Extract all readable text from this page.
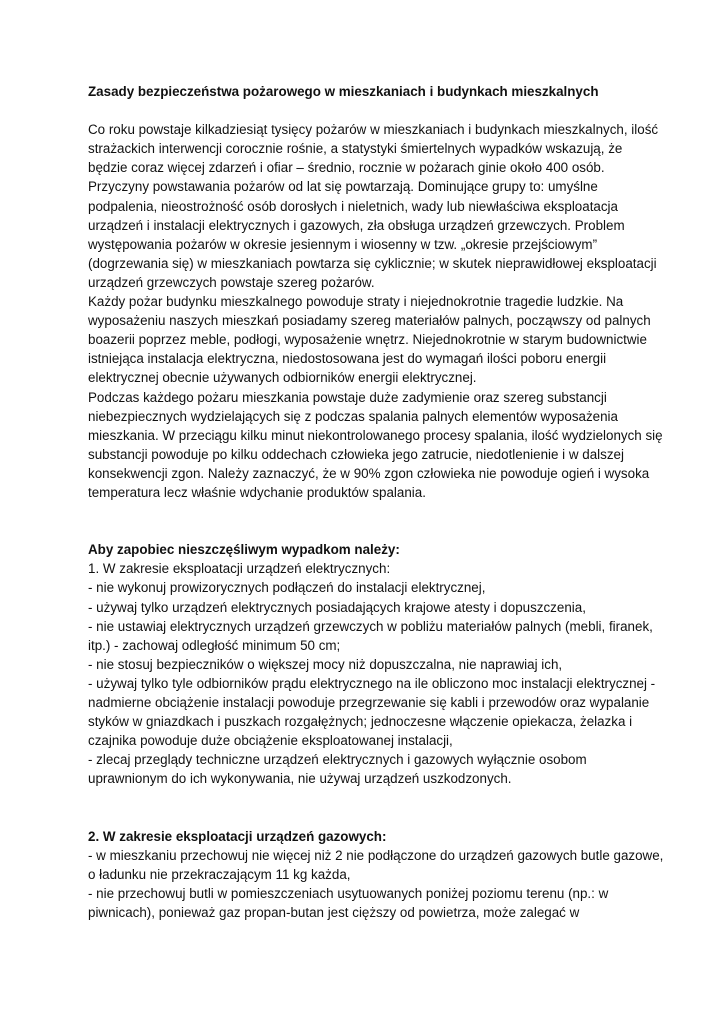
Zasady bezpieczeństwa pożarowego w mieszkaniach i budynkach mieszkalnych
Co roku powstaje kilkadziesiąt tysięcy pożarów w mieszkaniach i budynkach mieszkalnych, ilość
strażackich interwencji corocznie rośnie, a statystyki śmiertelnych wypadków wskazują, że
będzie coraz więcej zdarzeń i ofiar – średnio, rocznie w pożarach ginie około 400 osób.
Przyczyny powstawania pożarów od lat się powtarzają. Dominujące grupy to: umyślne
podpalenia, nieostrożność osób dorosłych i nieletnich, wady lub niewłaściwa eksploatacja
urządzeń i instalacji elektrycznych i gazowych, zła obsługa urządzeń grzewczych. Problem
występowania pożarów w okresie jesiennym i wiosenny w tzw. „okresie przejściowym”
(dogrzewania się) w mieszkaniach powtarza się cyklicznie; w skutek nieprawidłowej eksploatacji
urządzeń grzewczych powstaje szereg pożarów.
Każdy pożar budynku mieszkalnego powoduje straty i niejednokrotnie tragedie ludzkie. Na
wyposażeniu naszych mieszkań posiadamy szereg materiałów palnych, począwszy od palnych
boazerii poprzez meble, podłogi, wyposażenie wnętrz. Niejednokrotnie w starym budownictwie
istniejąca instalacja elektryczna, niedostosowana jest do wymagań ilości poboru energii
elektrycznej obecnie używanych odbiorników energii elektrycznej.
Podczas każdego pożaru mieszkania powstaje duże zadymienie oraz szereg substancji
niebezpiecznych wydzielających się z podczas spalania palnych elementów wyposażenia
mieszkania. W przeciągu kilku minut niekontrolowanego procesy spalania, ilość wydzielonych się
substancji powoduje po kilku oddechach człowieka jego zatrucie, niedotlenienie i w dalszej
konsekwencji zgon. Należy zaznaczyć, że w 90% zgon człowieka nie powoduje ogień i wysoka
temperatura lecz właśnie wdychanie produktów spalania.
Aby zapobiec nieszczęśliwym wypadkom należy:
1. W zakresie eksploatacji urządzeń elektrycznych:
- nie wykonuj prowizorycznych podłączeń do instalacji elektrycznej,
- używaj tylko urządzeń elektrycznych posiadających krajowe atesty i dopuszczenia,
- nie ustawiaj elektrycznych urządzeń grzewczych w pobliżu materiałów palnych (mebli, firanek,
itp.) - zachowaj odległość minimum 50 cm;
- nie stosuj bezpieczników o większej mocy niż dopuszczalna, nie naprawiaj ich,
- używaj tylko tyle odbiorników prądu elektrycznego na ile obliczono moc instalacji elektrycznej -
nadmierne obciążenie instalacji powoduje przegrzewanie się kabli i przewodów oraz wypalanie
styków w gniazdkach i puszkach rozgałężnych; jednoczesne włączenie opiekacza, żelazka i
czajnika powoduje duże obciążenie eksploatowanej instalacji,
- zlecaj przeglądy techniczne urządzeń elektrycznych i gazowych wyłącznie osobom
uprawnionym do ich wykonywania, nie używaj urządzeń uszkodzonych.
2. W zakresie eksploatacji urządzeń gazowych:
- w mieszkaniu przechowuj nie więcej niż 2 nie podłączone do urządzeń gazowych butle gazowe,
o ładunku nie przekraczającym 11 kg każda,
- nie przechowuj butli w pomieszczeniach usytuowanych poniżej poziomu terenu (np.: w
piwnicach), ponieważ gaz propan-butan jest cięższy od powietrza, może zalegać w
